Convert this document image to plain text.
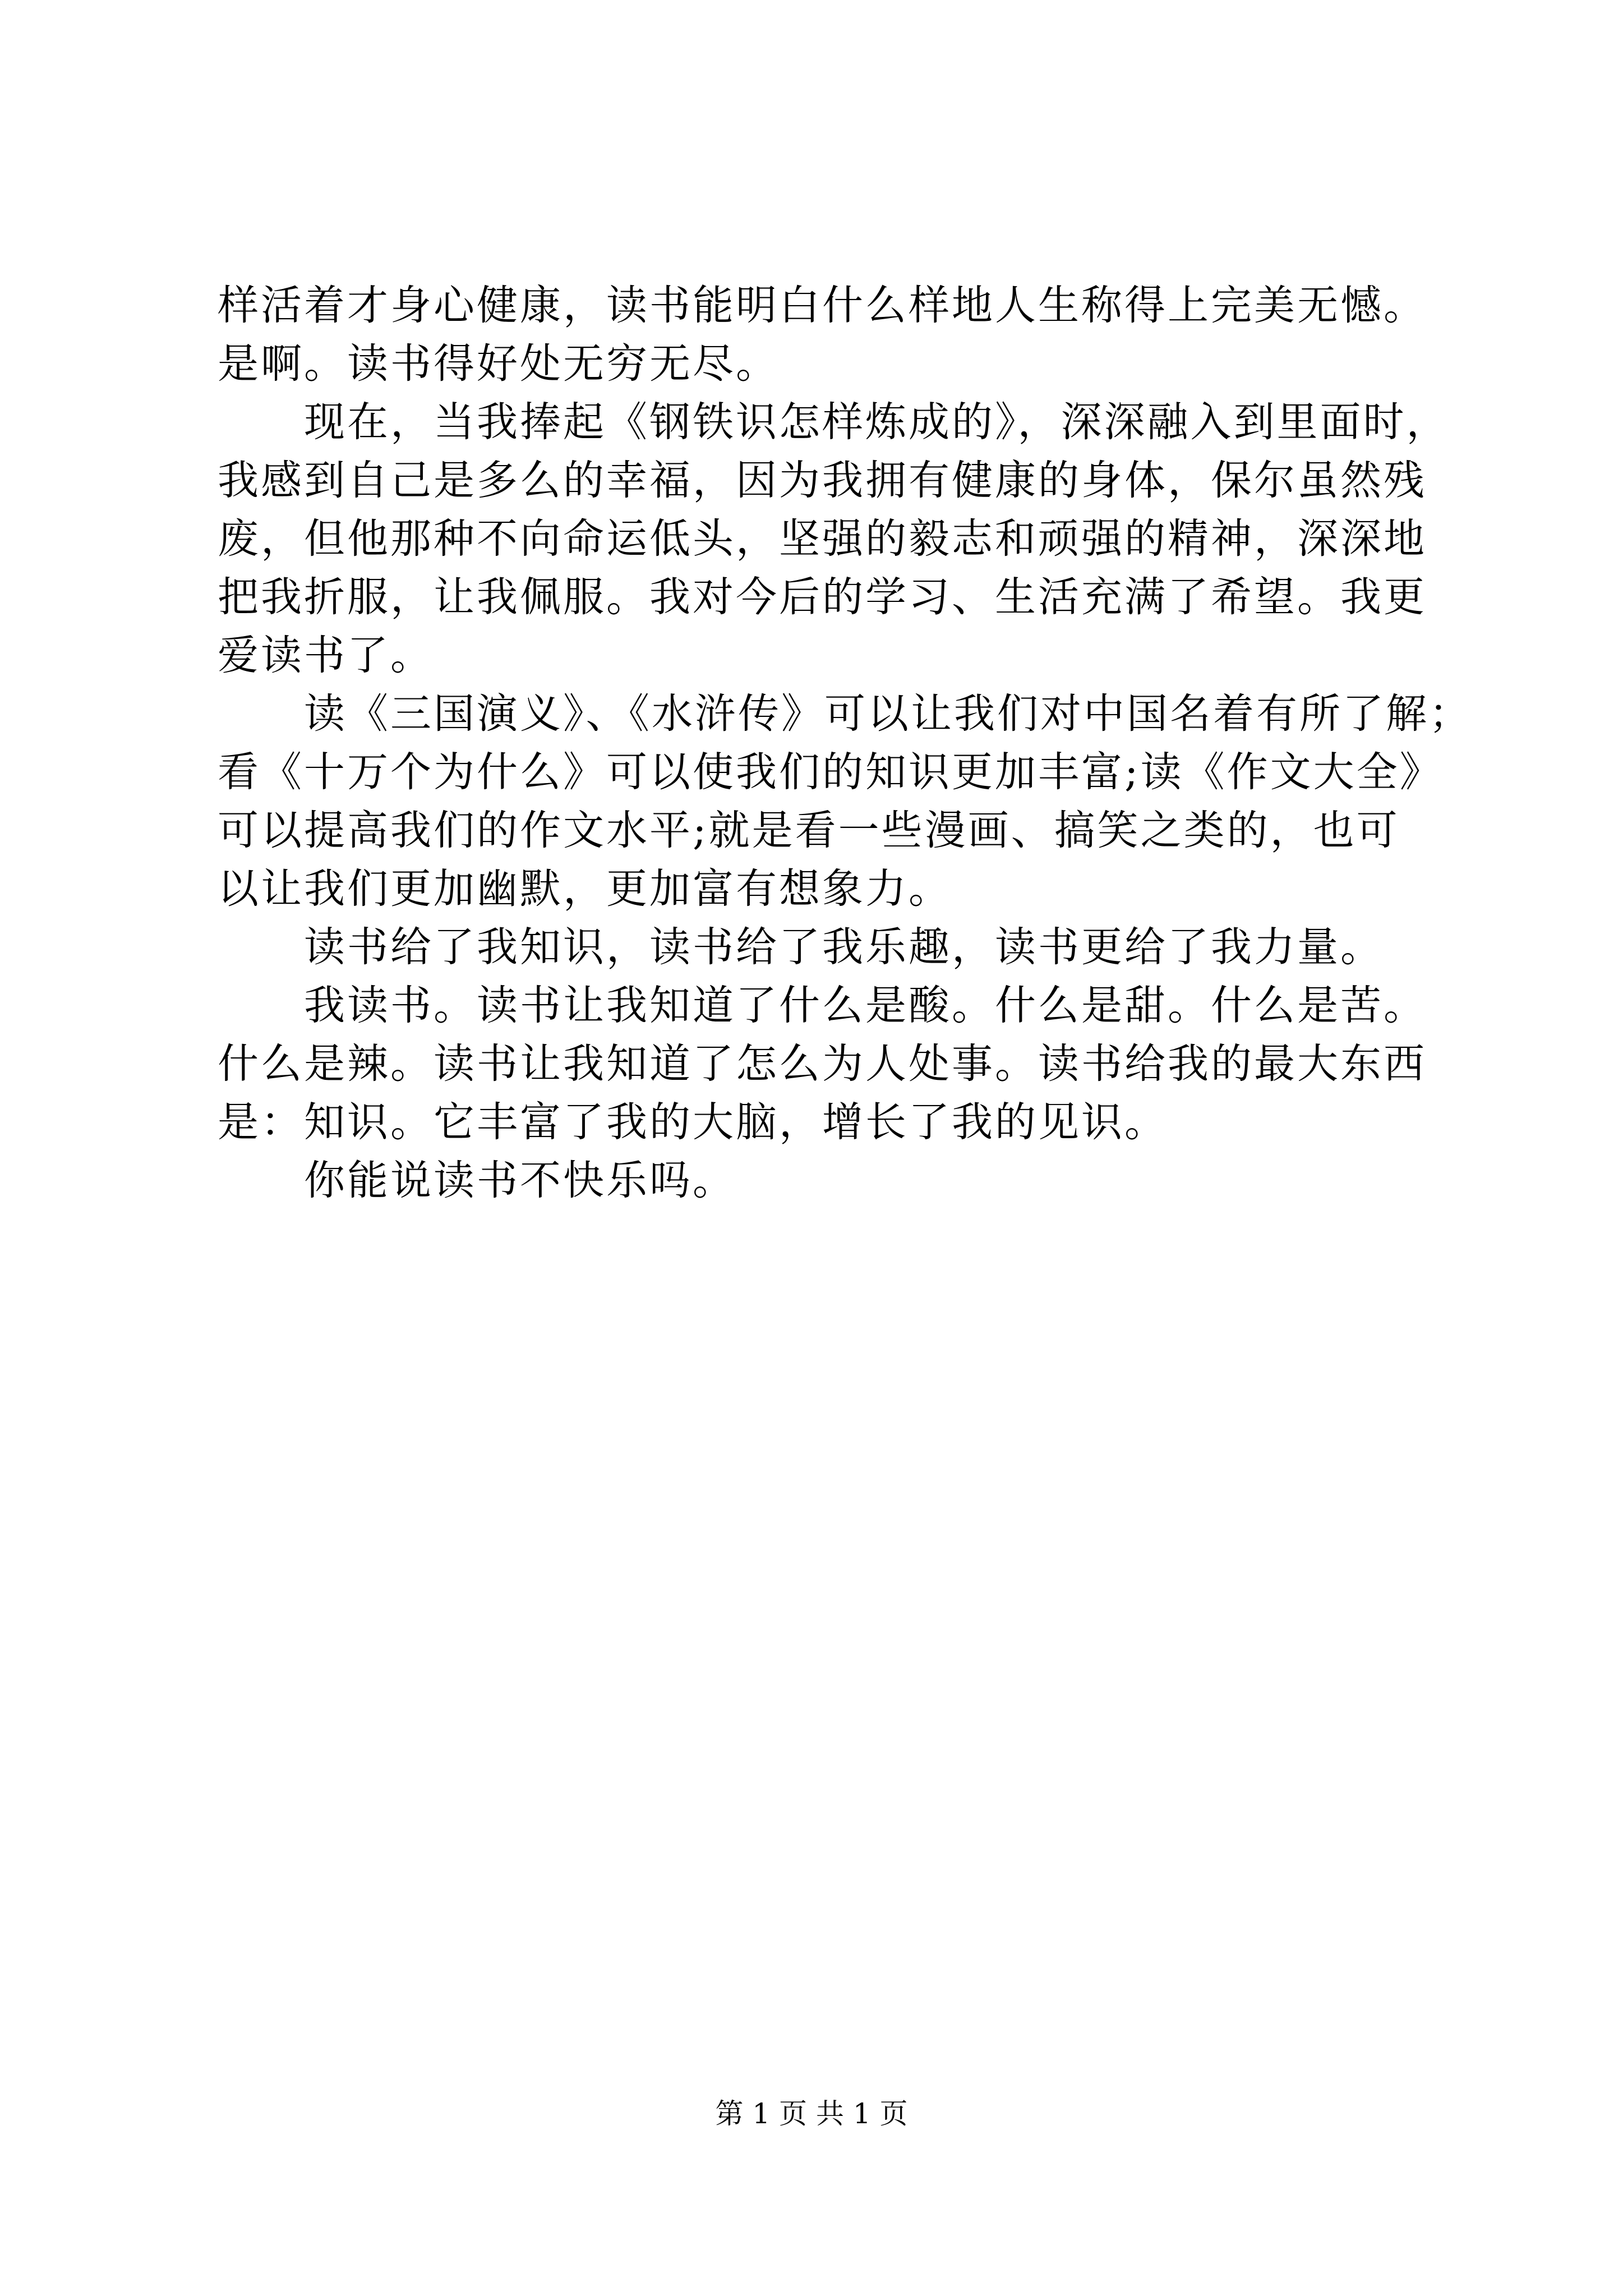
样活着才身心健康，读书能明白什么样地人生称得上完美无憾。

是啊。读书得好处无穷无尽。

　　现在，当我捧起《钢铁识怎样炼成的》，深深融入到里面时，

我感到自己是多么的幸福，因为我拥有健康的身体，保尔虽然残

废，但他那种不向命运低头，坚强的毅志和顽强的精神，深深地

把我折服，让我佩服。我对今后的学习、生活充满了希望。我更

爱读书了。

　　读《三国演义》、《水浒传》可以让我们对中国名着有所了解；

看《十万个为什么》可以使我们的知识更加丰富;读《作文大全》

可以提高我们的作文水平;就是看一些漫画、搞笑之类的，也可

以让我们更加幽默，更加富有想象力。

　　读书给了我知识，读书给了我乐趣，读书更给了我力量。

　　我读书。读书让我知道了什么是酸。什么是甜。什么是苦。

什么是辣。读书让我知道了怎么为人处事。读书给我的最大东西

是：知识。它丰富了我的大脑，增长了我的见识。

　　你能说读书不快乐吗。

第 1 页 共 1 页
